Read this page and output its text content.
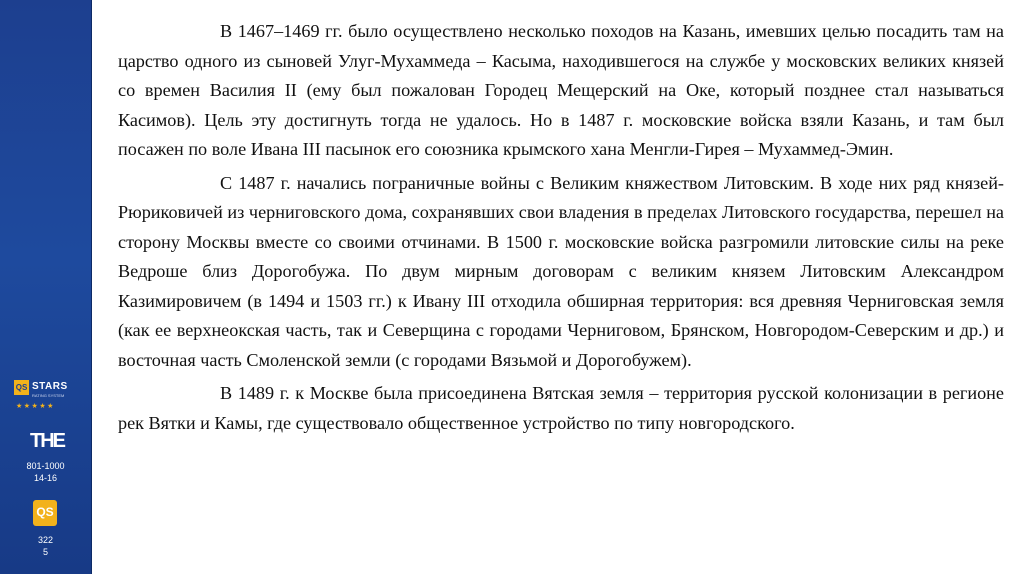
QS STARS
RATING SYSTEM
★★★★★
THE
801-1000
14-16
QS
322
5

В 1467–1469 гг. было осуществлено несколько походов на Казань, имевших целью посадить там на царство одного из сыновей Улуг-Мухаммеда – Касыма, находившегося на службе у московских великих князей со времен Василия II (ему был пожалован Городец Мещерский на Оке, который позднее стал называться Касимов). Цель эту достигнуть тогда не удалось. Но в 1487 г. московские войска взяли Казань, и там был посажен по воле Ивана III пасынок его союзника крымского хана Менгли-Гирея – Мухаммед-Эмин.

С 1487 г. начались пограничные войны с Великим княжеством Литовским. В ходе них ряд князей-Рюриковичей из черниговского дома, сохранявших свои владения в пределах Литовского государства, перешел на сторону Москвы вместе со своими отчинами. В 1500 г. московские войска разгромили литовские силы на реке Ведроше близ Дорогобужа. По двум мирным договорам с великим князем Литовским Александром Казимировичем (в 1494 и 1503 гг.) к Ивану III отходила обширная территория: вся древняя Черниговская земля (как ее верхнеокская часть, так и Северщина с городами Черниговом, Брянском, Новгородом-Северским и др.) и восточная часть Смоленской земли (с городами Вязьмой и Дорогобужем).

В 1489 г. к Москве была присоединена Вятская земля – территория русской колонизации в регионе рек Вятки и Камы, где существовало общественное устройство по типу новгородского.
